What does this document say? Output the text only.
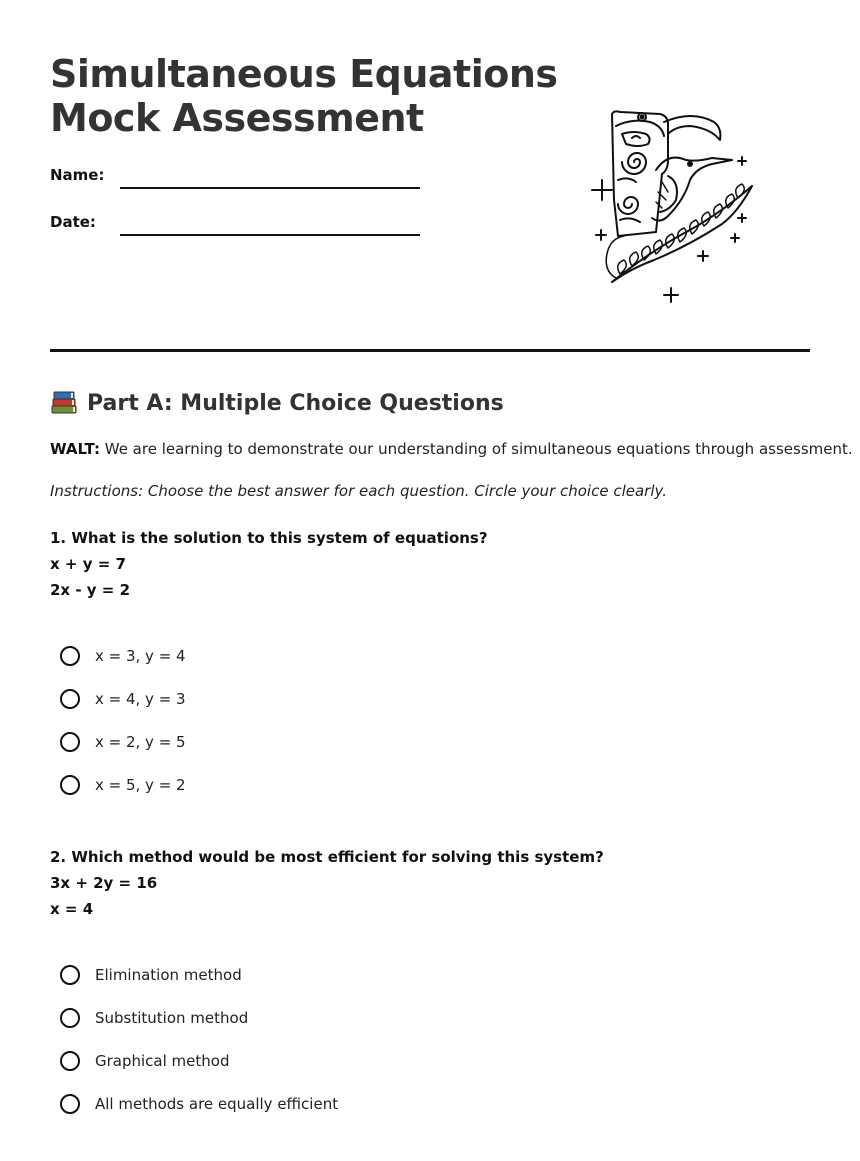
Simultaneous Equations
Mock Assessment
Name:
Date:
Part A: Multiple Choice Questions
WALT: We are learning to demonstrate our understanding of simultaneous equations through assessment.
Instructions: Choose the best answer for each question. Circle your choice clearly.
1. What is the solution to this system of equations?
x + y = 7
2x - y = 2
x = 3, y = 4
x = 4, y = 3
x = 2, y = 5
x = 5, y = 2
2. Which method would be most efficient for solving this system?
3x + 2y = 16
x = 4
Elimination method
Substitution method
Graphical method
All methods are equally efficient
